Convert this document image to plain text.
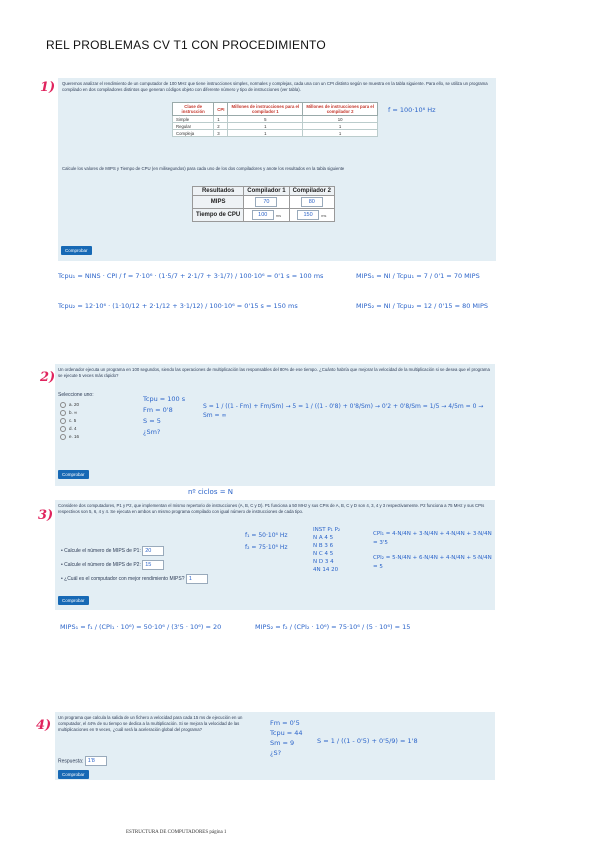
REL PROBLEMAS CV T1 CON PROCEDIMIENTO
1) Queremos analizar el rendimiento de un computador de 100 MHz que tiene instrucciones simples, normales y complejas, cada una con un CPI distinto según se muestra en la tabla siguiente. Para ello, se utiliza un programa compilado en dos compiladores distintos que generan códigos objeto con diferente número y tipo de instrucciones (ver tabla).
Clase de instrucción	CPI	Millones de instrucciones para el compilador 1	Millones de instrucciones para el compilador 2
Simple	1	5	10
Regular	2	1	1
Compleja	3	1	1
f = 100·10⁶ Hz
Calcule los valores de MIPS y Tiempo de CPU (en milisegundos) para cada uno de los dos compiladores y anote los resultados en la tabla siguiente
Resultados	Compilador 1	Compilador 2
MIPS	70	80
Tiempo de CPU	100 ms	150 ms
Comprobar
Tcpu₁ = NINS · CPI / f = 7·10⁶ · (1·5/7 + 2·1/7 + 3·1/7) / 100·10⁶ = 0'1 s = 100 ms	MIPS₁ = NI / Tcpu₁ = 7 / 0'1 = 70 MIPS
Tcpu₂ = 12·10⁶ · (1·10/12 + 2·1/12 + 3·1/12) / 100·10⁶ = 0'15 s = 150 ms	MIPS₂ = NI / Tcpu₂ = 12 / 0'15 = 80 MIPS
2)
Un ordenador ejecuta un programa en 100 segundos, siendo las operaciones de multiplicación las responsables del 80% de ese tiempo. ¿Cuánto habría que mejorar la velocidad de la multiplicación si se desea que el programa se ejecute 5 veces más rápido?
Seleccione uno:
a. 20
b. ∞
c. 5
d. 4
e. 16
Comprobar
Tcpu = 100 s
Fm = 0'8
S = 5
¿Sm?
S = 1 / ((1 - Fm) + Fm/Sm) → 5 = 1 / ((1 - 0'8) + 0'8/Sm) → 0'2 + 0'8/Sm = 1/5 → 4/5m = 0 → Sm = ∞
nº ciclos = N
3)
Considere dos computadores, P1 y P2, que implementan el mismo repertorio de instrucciones (A, B, C y D). P1 funciona a 50 MHz y sus CPIs de A, B, C y D son 4, 3, 4 y 3 respectivamente. P2 funciona a 75 MHz y sus CPIs respectivos son 5, 6, 4 y 4. Se ejecuta en ambos un mismo programa compilado con igual número de instrucciones de cada tipo.
• Calcule el número de MIPS de P1: 20
• Calcule el número de MIPS de P2: 15
• ¿Cuál es el computador con mejor rendimiento MIPS? 1
Comprobar
f₁ = 50·10⁶ Hz
f₂ = 75·10⁶ Hz
INST P₁ P₂
N A 4 5
N B 3 6
N C 4 5
N D 3 4
4N 14 20
CPI₁ = 4·N/4N + 3·N/4N + 4·N/4N + 3·N/4N = 3'5
CPI₂ = 5·N/4N + 6·N/4N + 4·N/4N + 5·N/4N = 5
MIPS₁ = f₁ / (CPI₁ · 10⁶) = 50·10⁶ / (3'5 · 10⁶) = 20	MIPS₂ = f₂ / (CPI₂ · 10⁶) = 75·10⁶ / (5 · 10⁶) = 15
4)
Un programa que calcula la salida de un fichero a velocidad para cada 15 ms de ejecución en un computador, el 44% de su tiempo se dedica a la multiplicación. Si se mejora la velocidad de las multiplicaciones en 9 veces, ¿cuál será la aceleración global del programa?
Respuesta: 1'8
Comprobar
Fm = 0'5
Tcpu = 44
Sm = 9
¿S?
S = 1 / ((1 - 0'5) + 0'5/9) = 1'8
ESTRUCTURA DE COMPUTADORES página 1
